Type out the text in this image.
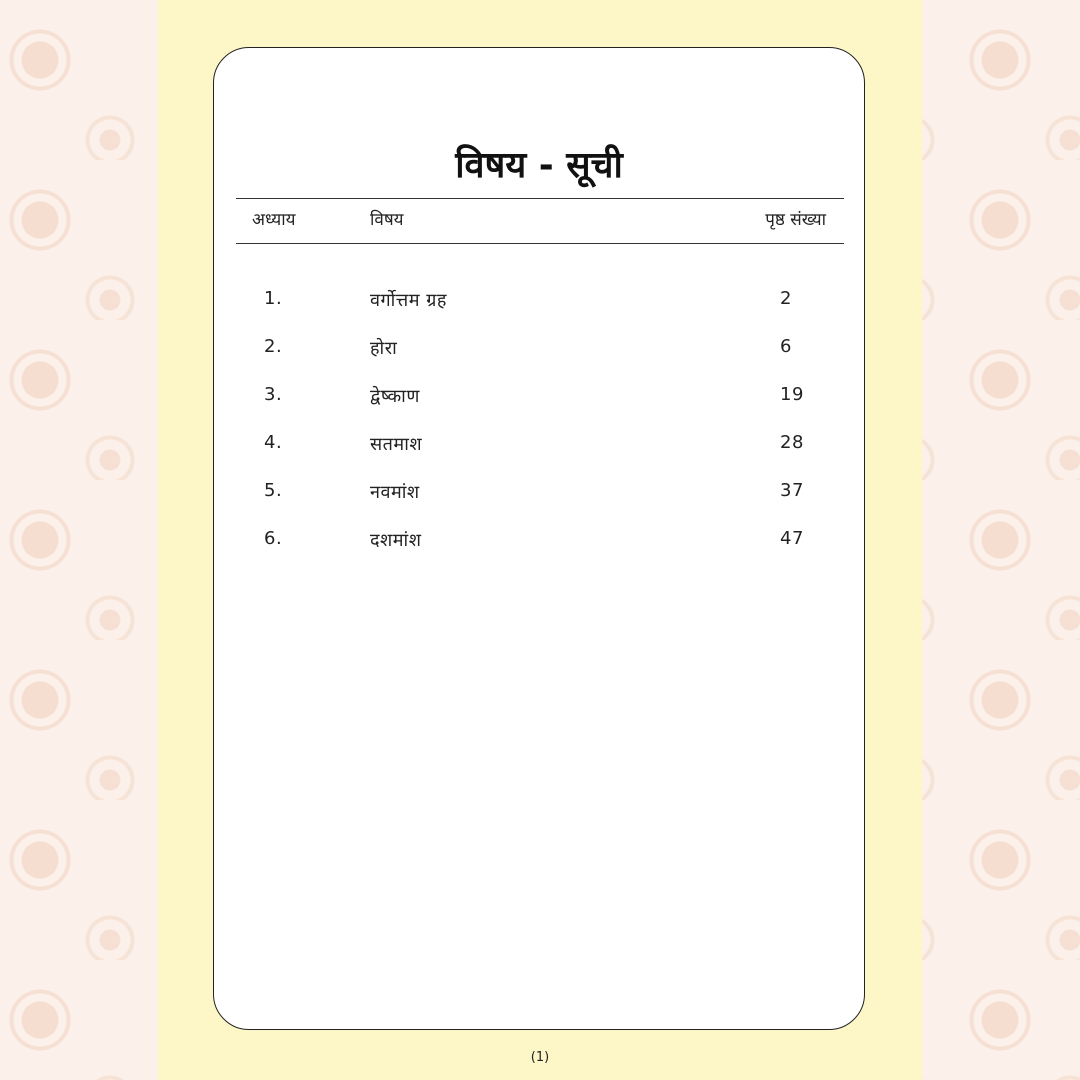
विषय - सूची
अध्याय	विषय	पृष्ठ संख्या
1.	वर्गोत्तम ग्रह	2
2.	होरा	6
3.	द्वेष्काण	19
4.	सतमाश	28
5.	नवमांश	37
6.	दशमांश	47
(1)
